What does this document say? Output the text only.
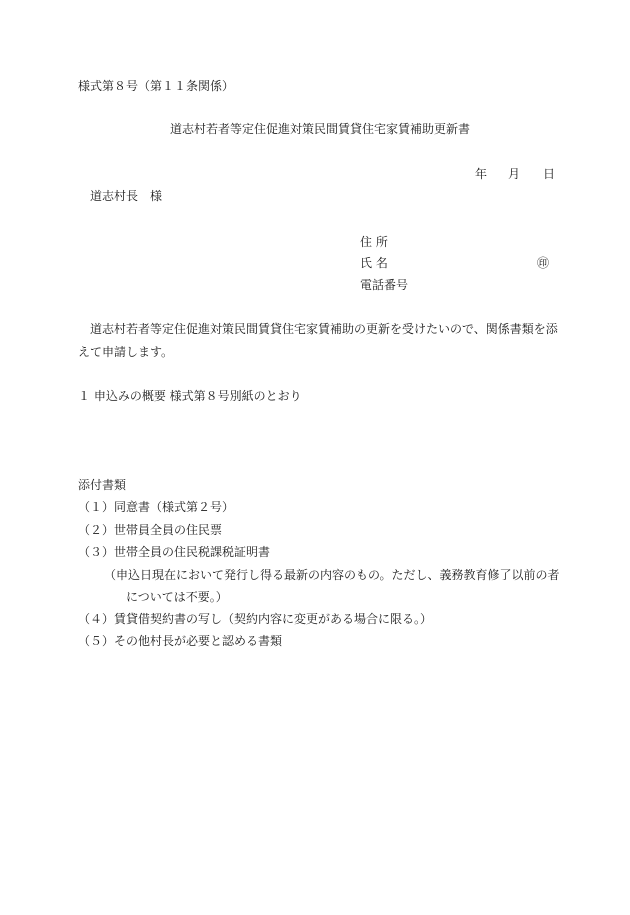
様式第８号（第１１条関係）
道志村若者等定住促進対策民間賃貸住宅家賃補助更新書
年 月 日
道志村長　様
住 所
氏 名	㊞
電話番号
道志村若者等定住促進対策民間賃貸住宅家賃補助の更新を受けたいので、関係書類を添
えて申請します。
１ 申込みの概要 様式第８号別紙のとおり
添付書類
（１）同意書（様式第２号）
（２）世帯員全員の住民票
（３）世帯全員の住民税課税証明書
（申込日現在において発行し得る最新の内容のもの。ただし、義務教育修了以前の者
については不要。）
（４）賃貸借契約書の写し（契約内容に変更がある場合に限る。）
（５）その他村長が必要と認める書類
